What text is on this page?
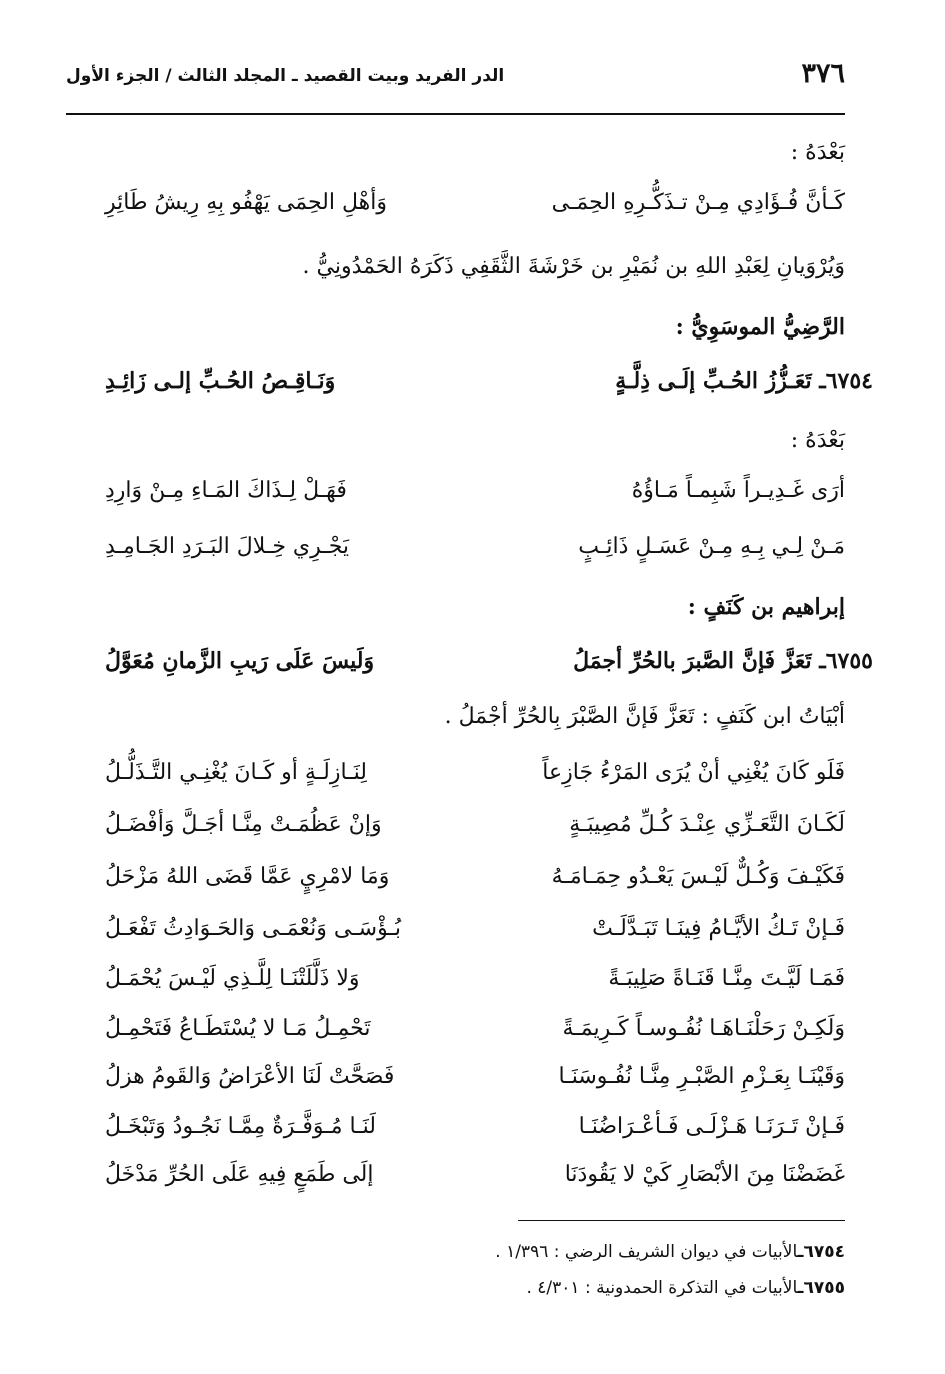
٣٧٦
الدر الفريد وبيت القصيد ـ المجلد الثالث / الجزء الأول
بَعْدَهُ :
كَـأنَّ فُـؤَادِي مِـنْ تـذَكُّـرِهِ الحِمَـى
وَأهْلِ الحِمَى يَهْفُو بِهِ رِيشُ طَائِرِ
وَيُرْوَيانِ لِعَبْدِ اللهِ بن نُمَيْرِ بن خَرْشَةَ الثَّقَفِي ذَكَرَهُ الحَمْدُونِيُّ .
الرَّضِيُّ الموسَوِيُّ :
٦٧٥٤ـ تَعَـزُّزُ الحُـبِّ إلَـى ذِلَّـةٍ
وَنَـاقِـصُ الحُـبِّ إلـى زَائِـدِ
بَعْدَهُ :
أرَى غَـدِيـراً شَبِمـاً مَـاؤُهُ
فَهَـلْ لِـذَاكَ المَـاءِ مِـنْ وَارِدِ
مَـنْ لِـي بِـهِ مِـنْ عَسَـلٍ ذَائِـبٍ
يَجْـرِي خِـلالَ البَـرَدِ الجَـامِـدِ
إبراهيم بن كَنَفٍ :
٦٧٥٥ـ تَعَزَّ فَإنَّ الصَّبرَ بالحُرِّ أجمَلُ
وَلَيسَ عَلَى رَيبِ الزَّمانِ مُعَوَّلُ
أبْيَاتُ ابن كَنَفٍ : تَعَزَّ فَإنَّ الصَّبْرَ بِالحُرِّ أجْمَلُ .
فَلَو كَانَ يُغْنِي أنْ يُرَى المَرْءُ جَازِعاً
لِنَـازِلَـةٍ أو كَـانَ يُغْنِـي التَّـذَلُّـلُ
لَكَـانَ التَّعَـزِّي عِنْـدَ كُـلِّ مُصِيبَـةٍ
وَإنْ عَظُمَـتْ مِنَّـا أجَـلَّ وَأفْضَـلُ
فَكَيْـفَ وَكُـلٌّ لَيْـسَ يَعْـدُو حِمَـامَـهُ
وَمَا لامْرِيٍ عَمَّا قَضَى اللهُ مَزْحَلُ
فَـإنْ تَـكُ الأيَّـامُ فِينَـا تَبَـدَّلَـتْ
بُـؤْسَـى وَنُعْمَـى وَالحَـوَادِثُ تَفْعَـلُ
فَمَـا لَيَّـتَ مِنَّـا قَنَـاةً صَلِيبَـةً
وَلا ذَلَّلَتْنَـا لِلَّـذِي لَيْـسَ يُحْمَـلُ
وَلَكِـنْ رَحَلْنَـاهَـا نُفُـوسـاً كَـرِيمَـةً
تَحْمِـلُ مَـا لا يُسْتَطَـاعُ فَتَحْمِـلُ
وَقَيْنَـا بِعَـزْمِ الصَّبْـرِ مِنَّـا نُفُـوسَنَـا
فَصَحَّتْ لَنَا الأعْرَاضُ وَالقَومُ هزلُ
فَـإنْ تَـرَنَـا هَـزْلَـى فَـأعْـرَاضُنَـا
لَنَـا مُـوَفَّـرَةٌ مِمَّـا نَجُـودُ وَتَبْخَـلُ
غَضَضْنَا مِنَ الأبْصَارِ كَيْ لا يَقُودَنَا
إلَى طَمَعٍ فِيهِ عَلَى الحُرِّ مَدْخَلُ
٦٧٥٤ـالأبيات في ديوان الشريف الرضي : ١/٣٩٦ .
٦٧٥٥ـالأبيات في التذكرة الحمدونية : ٤/٣٠١ .
